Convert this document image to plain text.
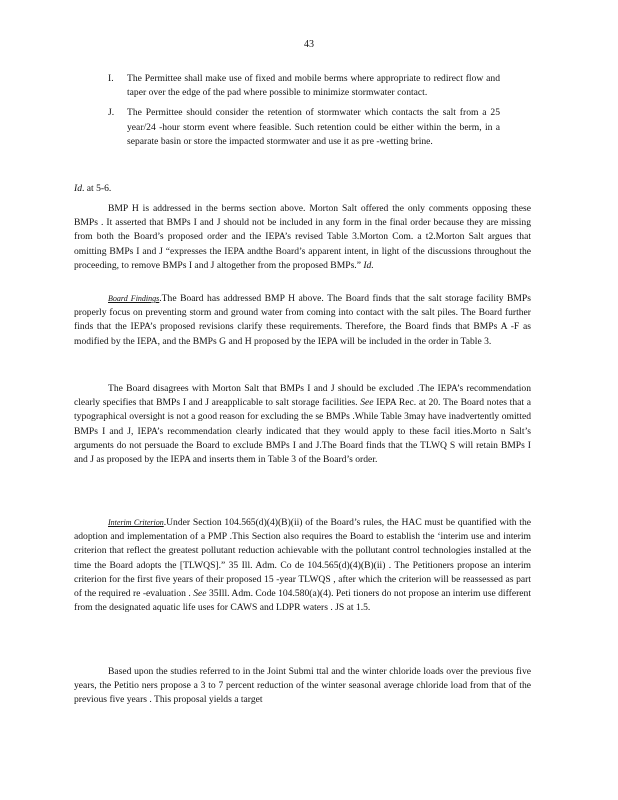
43
I. The Permittee shall make use of fixed and mobile berms where appropriate to redirect flow and taper over the edge of the pad where possible to minimize stormwater contact.
J. The Permittee should consider the retention of stormwater which contacts the salt from a 25 year/24 -hour storm event where feasible. Such retention could be either within the berm, in a separate basin or store the impacted stormwater and use it as pre -wetting brine.
Id. at 5-6.

BMP H is addressed in the berms section above. Morton Salt offered the only comments opposing these BMPs . It asserted that BMPs I and J should not be included in any form in the final order because they are missing from both the Board’s proposed order and the IEPA’s revised Table 3.Morton Com. a t2.Morton Salt argues that omitting BMPs I and J “expresses the IEPA andthe Board’s apparent intent, in light of the discussions throughout the proceeding, to remove BMPs I and J altogether from the proposed BMPs.” Id.

Board Findings.The Board has addressed BMP H above. The Board finds that the salt storage facility BMPs properly focus on preventing storm and ground water from coming into contact with the salt piles. The Board further finds that the IEPA’s proposed revisions clarify these requirements. Therefore, the Board finds that BMPs A -F as modified by the IEPA, and the BMPs G and H proposed by the IEPA will be included in the order in Table 3.

The Board disagrees with Morton Salt that BMPs I and J should be excluded .The IEPA’s recommendation clearly specifies that BMPs I and J areapplicable to salt storage facilities. See IEPA Rec. at 20. The Board notes that a typographical oversight is not a good reason for excluding the se BMPs .While Table 3may have inadvertently omitted BMPs I and J, IEPA’s recommendation clearly indicated that they would apply to these facil ities.Morto n Salt’s arguments do not persuade the Board to exclude BMPs I and J.The Board finds that the TLWQ S will retain BMPs I and J as proposed by the IEPA and inserts them in Table 3 of the Board’s order.

Interim Criterion.Under Section 104.565(d)(4)(B)(ii) of the Board’s rules, the HAC must be quantified with the adoption and implementation of a PMP .This Section also requires the Board to establish the ‘interim use and interim criterion that reflect the greatest pollutant reduction achievable with the pollutant control technologies installed at the time the Board adopts the [TLWQS].” 35 Ill. Adm. Co de 104.565(d)(4)(B)(ii) . The Petitioners propose an interim criterion for the first five years of their proposed 15 -year TLWQS , after which the criterion will be reassessed as part of the required re -evaluation . See 35Ill. Adm. Code 104.580(a)(4). Peti tioners do not propose an interim use different from the designated aquatic life uses for CAWS and LDPR waters . JS at 1.5.

Based upon the studies referred to in the Joint Submi ttal and the winter chloride loads over the previous five years, the Petitio ners propose a 3 to 7 percent reduction of the winter seasonal average chloride load from that of the previous five years . This proposal yields a target
